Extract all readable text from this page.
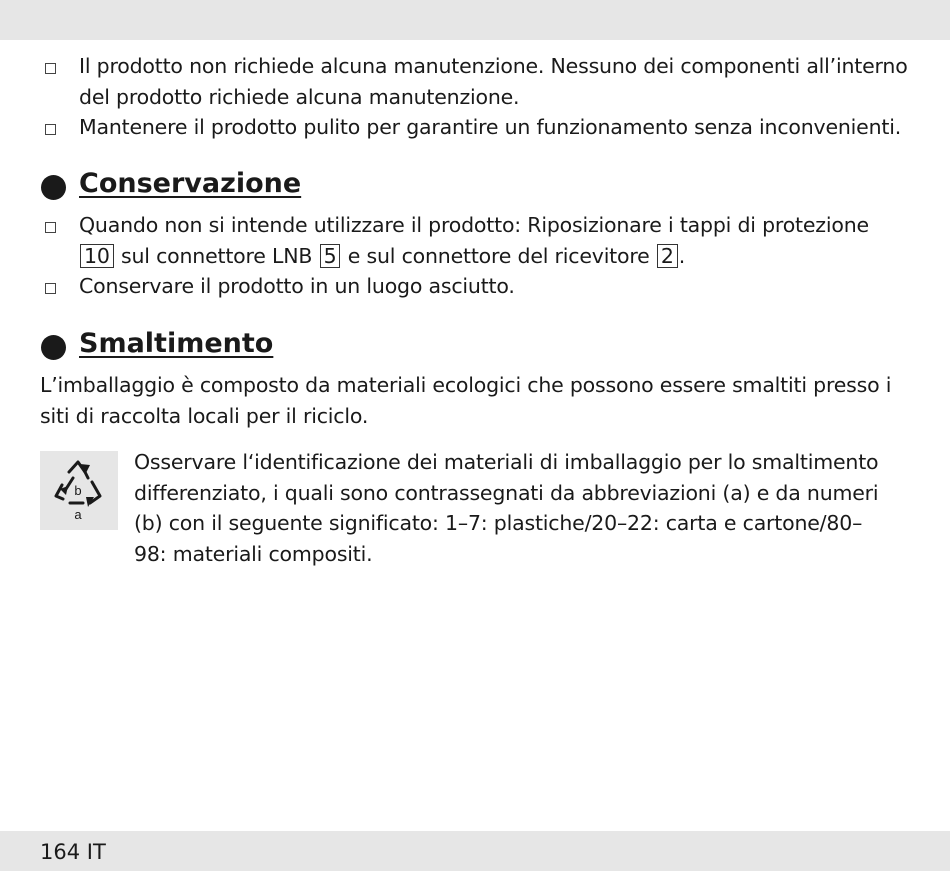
Il prodotto non richiede alcuna manutenzione. Nessuno dei componenti all’interno del prodotto richiede alcuna manutenzione.
Mantenere il prodotto pulito per garantire un funzionamento senza inconvenienti.
Conservazione
Quando non si intende utilizzare il prodotto: Riposizionare i tappi di protezione 10 sul connettore LNB 5 e sul connettore del ricevitore 2 .
Conservare il prodotto in un luogo asciutto.
Smaltimento
L’imballaggio è composto da materiali ecologici che possono essere smaltiti presso i siti di raccolta locali per il riciclo.
b
a
Osservare l‘identificazione dei materiali di imballaggio per lo smaltimento differenziato, i quali sono contrassegnati da abbreviazioni (a) e da numeri (b) con il seguente significato: 1–7: plastiche/20–22: carta e cartone/80–98: materiali compositi.
164 IT
